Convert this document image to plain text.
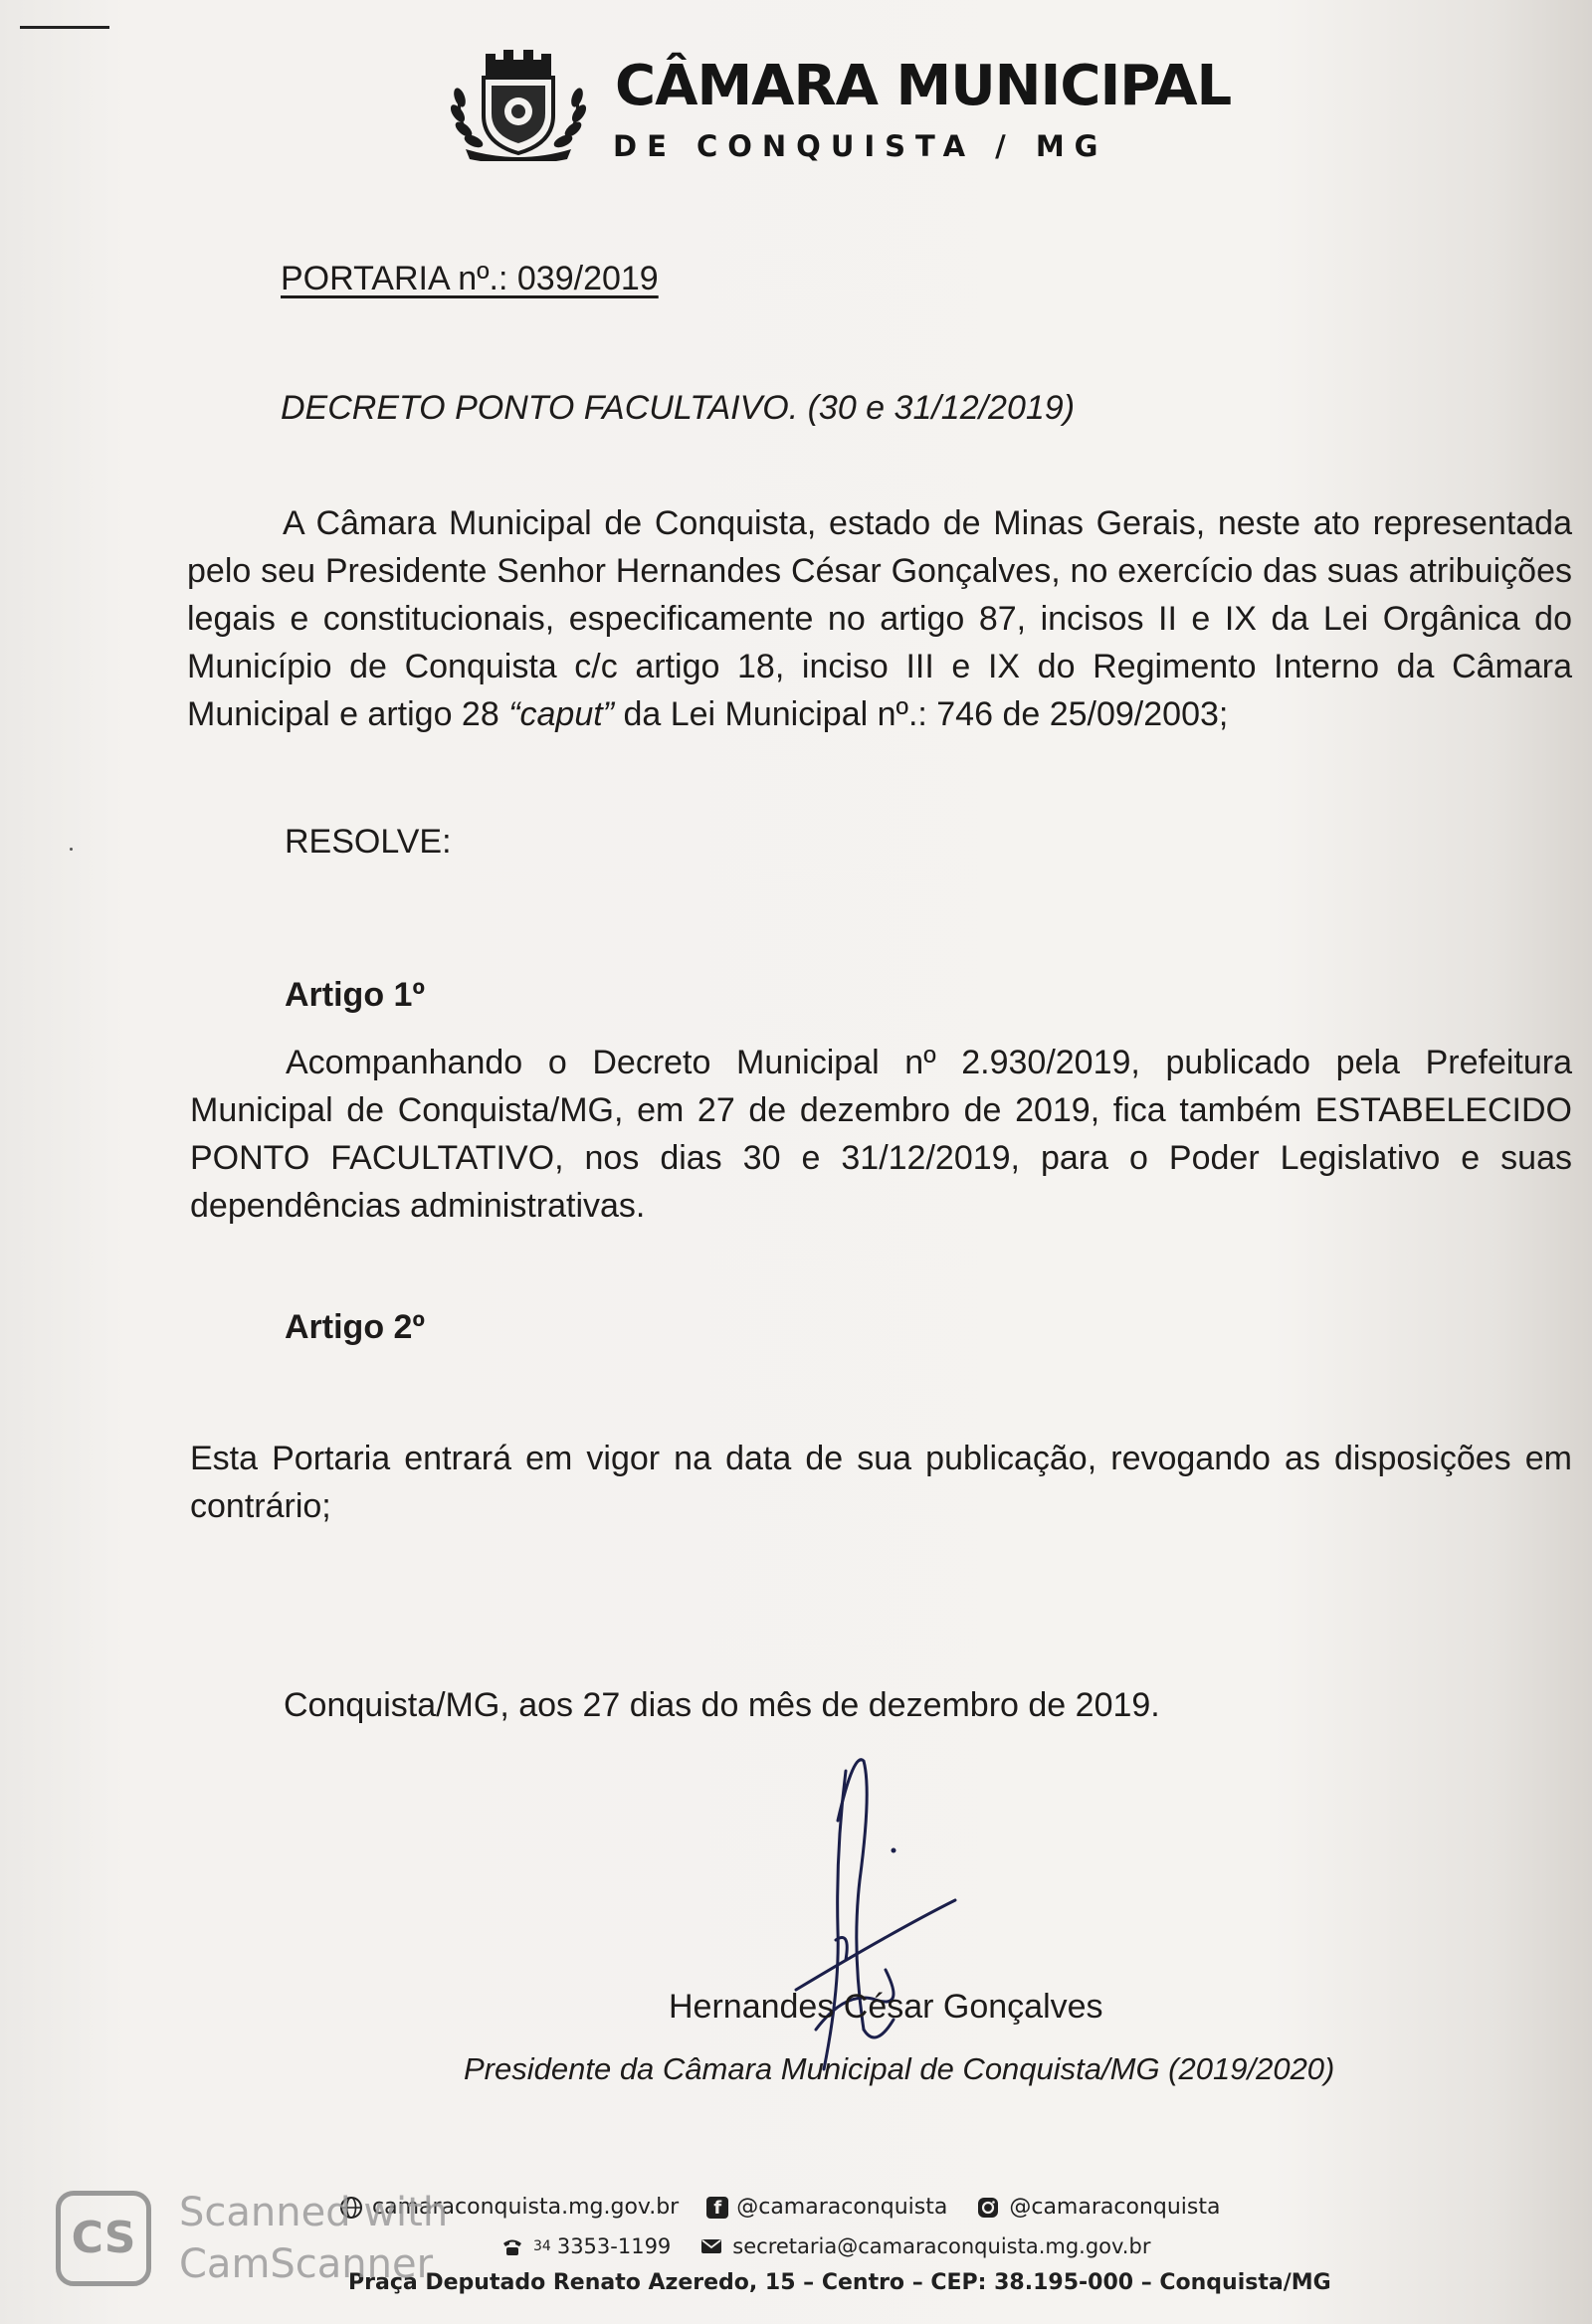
CÂMARA MUNICIPAL
DE CONQUISTA / MG
PORTARIA nº.: 039/2019
DECRETO PONTO FACULTAIVO. (30 e 31/12/2019)
A Câmara Municipal de Conquista, estado de Minas Gerais, neste ato representada pelo seu Presidente Senhor Hernandes César Gonçalves, no exercício das suas atribuições legais e constitucionais, especificamente no artigo 87, incisos II e IX da Lei Orgânica do Município de Conquista c/c artigo 18, inciso III e IX do Regimento Interno da Câmara Municipal e artigo 28 “caput” da Lei Municipal nº.: 746 de 25/09/2003;
RESOLVE:
Artigo 1º
Acompanhando o Decreto Municipal nº 2.930/2019, publicado pela Prefeitura Municipal de Conquista/MG, em 27 de dezembro de 2019, fica também ESTABELECIDO PONTO FACULTATIVO, nos dias 30 e 31/12/2019, para o Poder Legislativo e suas dependências administrativas.
Artigo 2º
Esta Portaria entrará em vigor na data de sua publicação, revogando as disposições em contrário;
Conquista/MG, aos 27 dias do mês de dezembro de 2019.
Hernandes César Gonçalves
Presidente da Câmara Municipal de Conquista/MG (2019/2020)
camaraconquista.mg.gov.br	f @camaraconquista	@camaraconquista
34 3353-1199	secretaria@camaraconquista.mg.gov.br
Praça Deputado Renato Azeredo, 15 – Centro – CEP: 38.195-000 – Conquista/MG
CS	Scanned with
CamScanner
